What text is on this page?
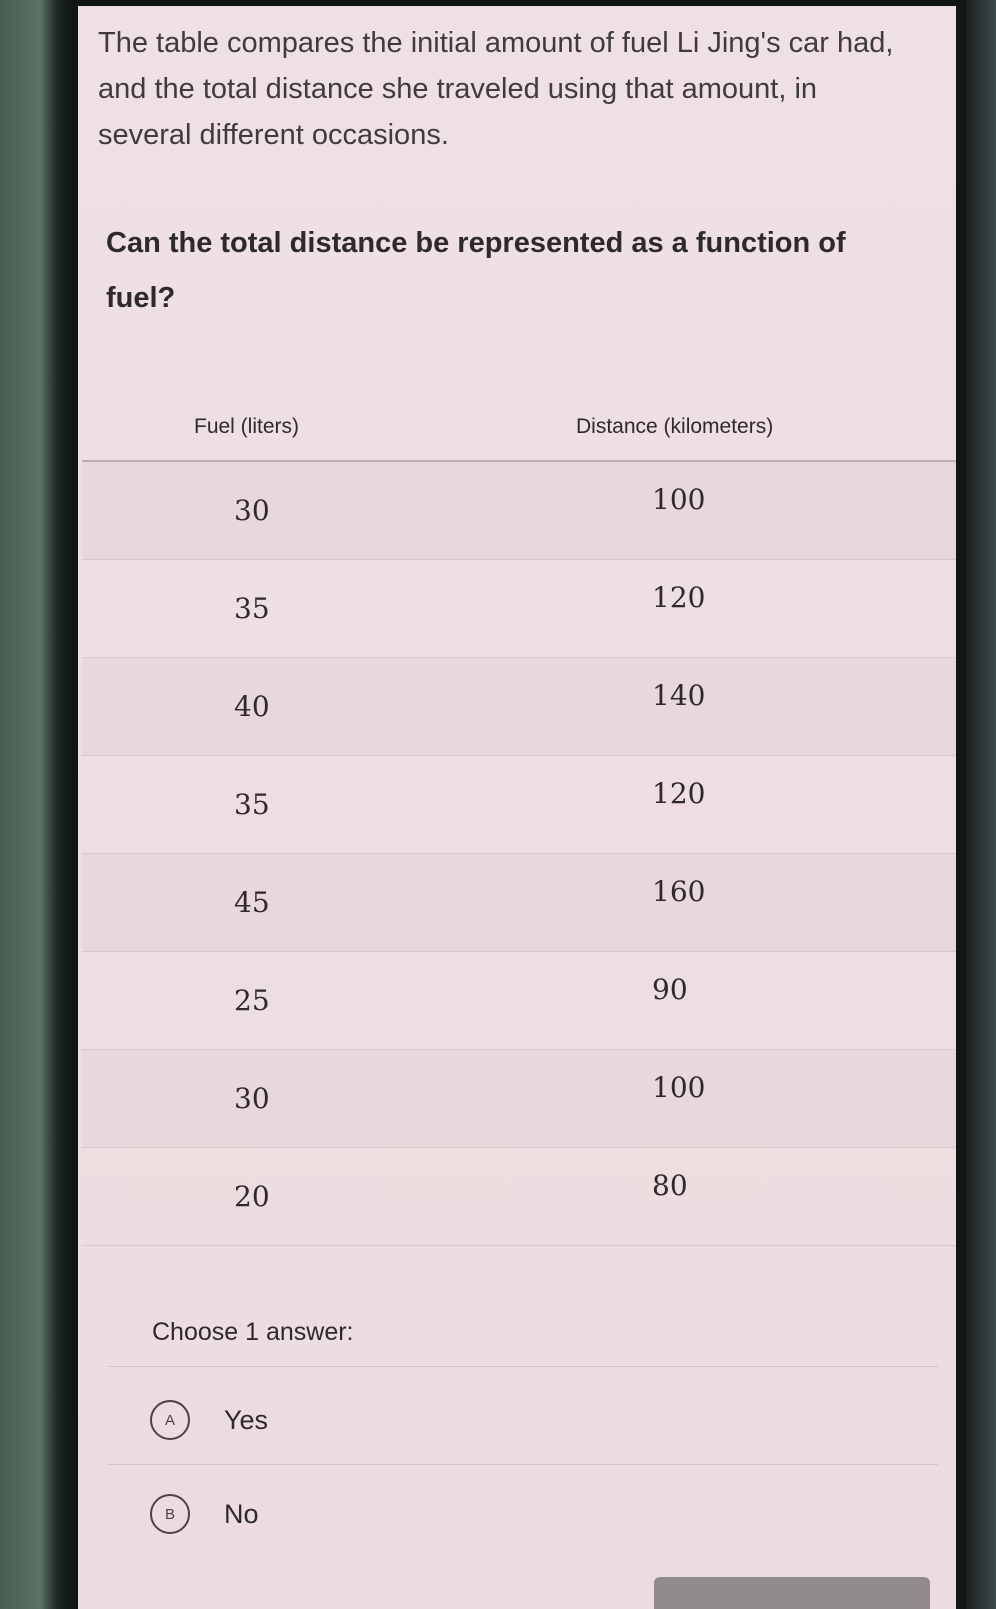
The table compares the initial amount of fuel Li Jing's car had, and the total distance she traveled using that amount, in several different occasions.

Can the total distance be represented as a function of fuel?

Fuel (liters)	Distance (kilometers)
30	100
35	120
40	140
35	120
45	160
25	90
30	100
20	80

Choose 1 answer:

A	Yes
B	No
